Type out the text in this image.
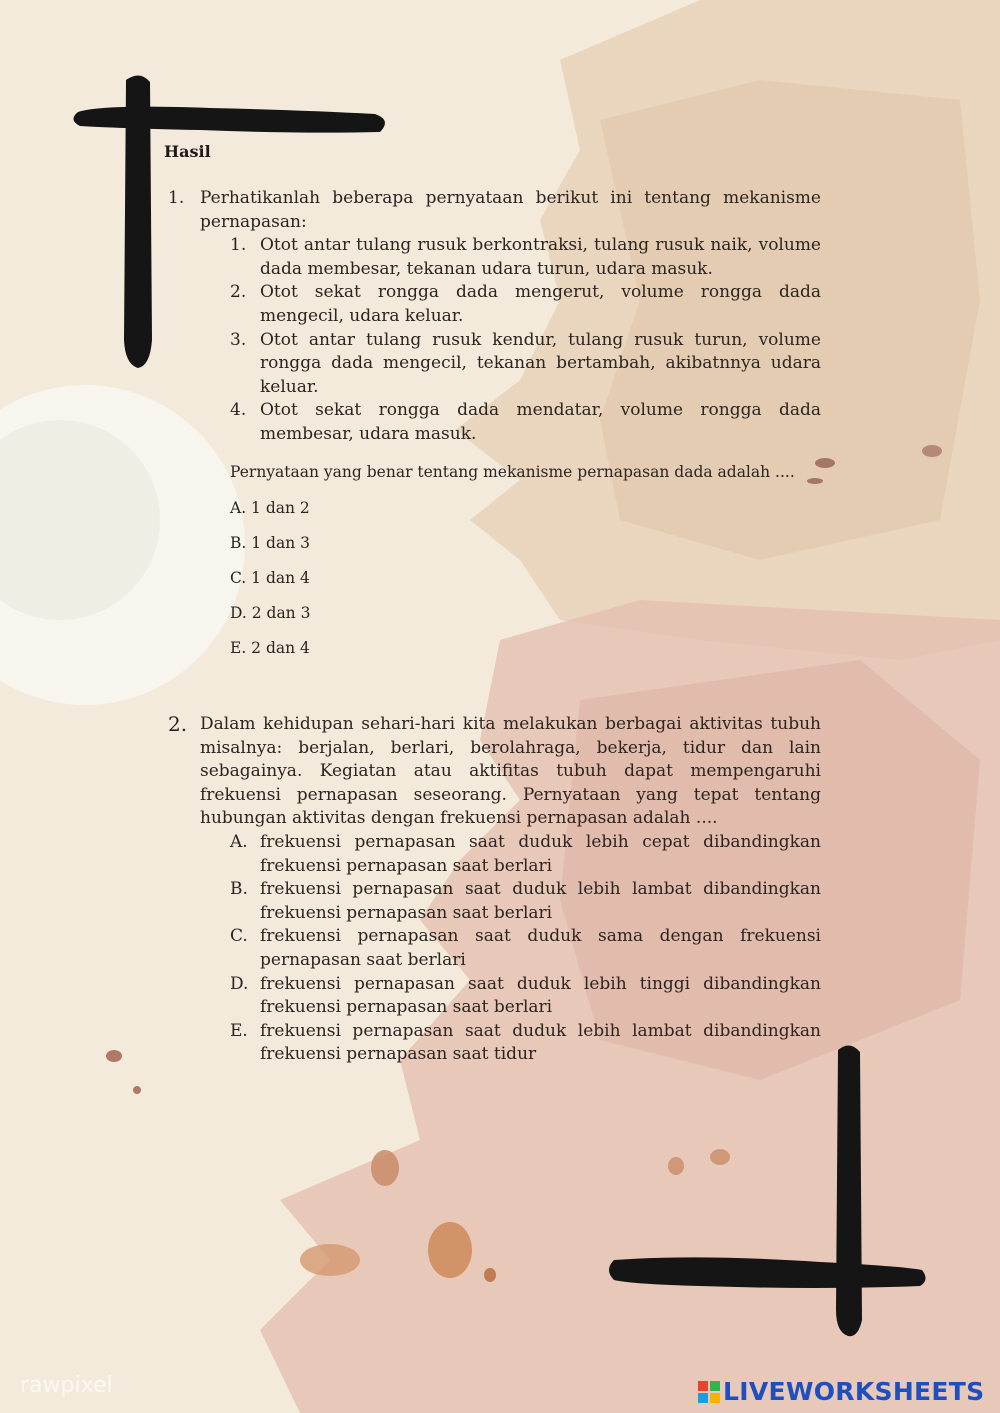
Hasil
1. Perhatikanlah beberapa pernyataan berikut ini tentang mekanisme pernapasan:
1. Otot antar tulang rusuk berkontraksi, tulang rusuk naik, volume dada membesar, tekanan udara turun, udara masuk.
2. Otot sekat rongga dada mengerut, volume rongga dada mengecil, udara keluar.
3. Otot antar tulang rusuk kendur, tulang rusuk turun, volume rongga dada mengecil, tekanan bertambah, akibatnnya udara keluar.
4. Otot sekat rongga dada mendatar, volume rongga dada membesar, udara masuk.
Pernyataan yang benar tentang mekanisme pernapasan dada adalah ....
A. 1 dan 2
B. 1 dan 3
C. 1 dan 4
D. 2 dan 3
E. 2 dan 4
2. Dalam kehidupan sehari-hari kita melakukan berbagai aktivitas tubuh misalnya: berjalan, berlari, berolahraga, bekerja, tidur dan lain sebagainya. Kegiatan atau aktifitas tubuh dapat mempengaruhi frekuensi pernapasan seseorang. Pernyataan yang tepat tentang hubungan aktivitas dengan frekuensi pernapasan adalah ....
A. frekuensi pernapasan saat duduk lebih cepat dibandingkan frekuensi pernapasan saat berlari
B. frekuensi pernapasan saat duduk lebih lambat dibandingkan frekuensi pernapasan saat berlari
C. frekuensi pernapasan saat duduk sama dengan frekuensi pernapasan saat berlari
D. frekuensi pernapasan saat duduk lebih tinggi dibandingkan frekuensi pernapasan saat berlari
E. frekuensi pernapasan saat duduk lebih lambat dibandingkan frekuensi pernapasan saat tidur
rawpixel	LIVEWORKSHEETS
